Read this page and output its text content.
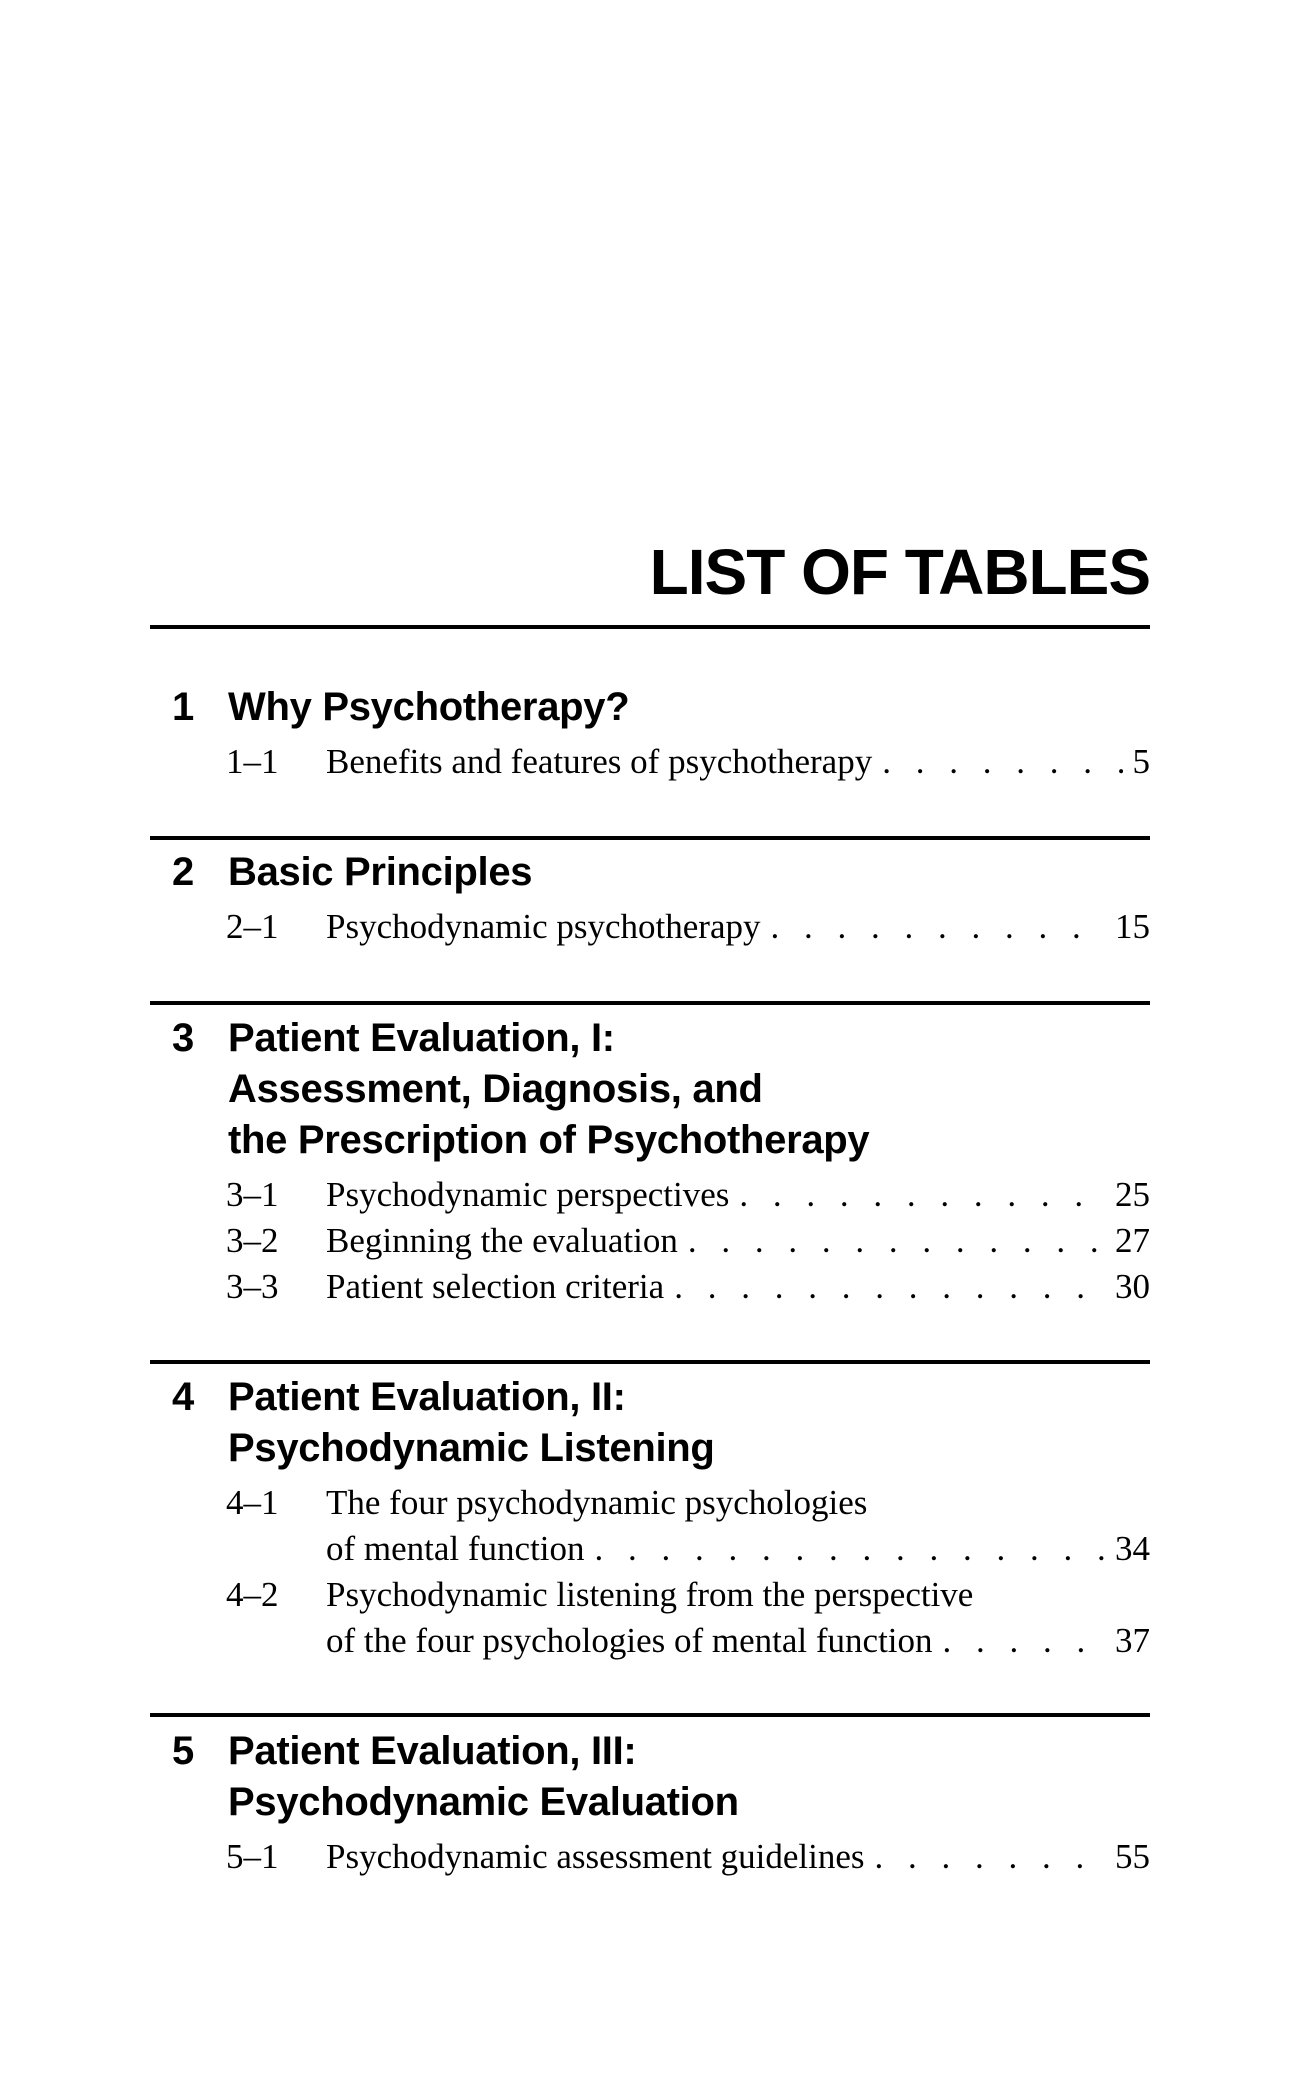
LIST OF TABLES
1 Why Psychotherapy?
1–1 Benefits and features of psychotherapy . . .	5
2 Basic Principles
2–1 Psychodynamic psychotherapy . . .	15
3 Patient Evaluation, I:
Assessment, Diagnosis, and
the Prescription of Psychotherapy
3–1 Psychodynamic perspectives . . .	25
3–2 Beginning the evaluation . . .	27
3–3 Patient selection criteria . . .	30
4 Patient Evaluation, II:
Psychodynamic Listening
4–1 The four psychodynamic psychologies
of mental function . . .	34
4–2 Psychodynamic listening from the perspective
of the four psychologies of mental function . . .	37
5 Patient Evaluation, III:
Psychodynamic Evaluation
5–1 Psychodynamic assessment guidelines . . .	55
